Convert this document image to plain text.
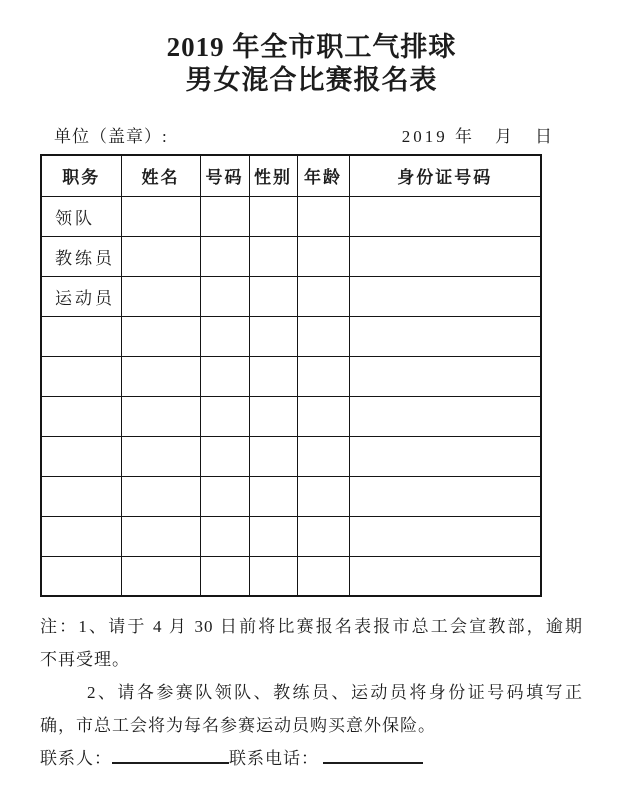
2019 年全市职工气排球
男女混合比赛报名表
单位（盖章）:	2019 年　月　日
职务	姓名	号码	性别	年龄	身份证号码
领队					
教练员					
运动员					

注：1、请于 4 月 30 日前将比赛报名表报市总工会宣教部，逾期
不再受理。
2、请各参赛队领队、教练员、运动员将身份证号码填写正
确，市总工会将为每名参赛运动员购买意外保险。
联系人：	联系电话：
